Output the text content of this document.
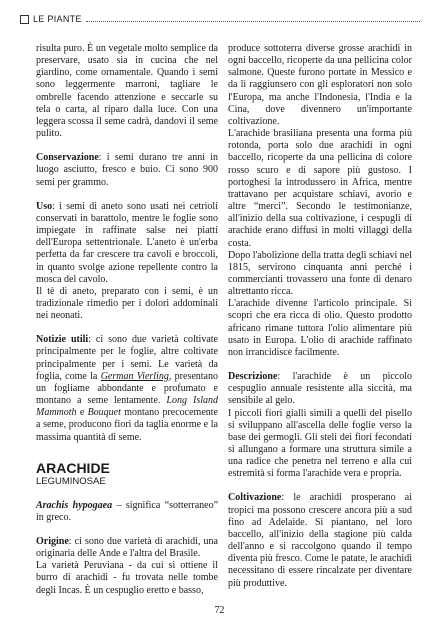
LE PIANTE

risulta puro. È un vegetale molto semplice da preservare, usato sia in cucina che nel giardino, come ornamentale. Quando i semi sono leggermente marroni, tagliare le ombrelle facendo attenzione e seccarle su tela o carta, al riparo dalla luce. Con una leggera scossa il seme cadrà, dandovi il seme pulito.

Conservazione: i semi durano tre anni in luogo asciutto, fresco e buio. Ci sono 900 semi per grammo.

Uso: i semi di aneto sono usati nei cetrioli conservati in barattolo, mentre le foglie sono impiegate in raffinate salse nei piatti dell'Europa settentrionale. L'aneto è un'erba perfetta da far crescere tra cavoli e broccoli, in quanto svolge azione repellente contro la mosca del cavolo.

Il tè di aneto, preparato con i semi, è un tradizionale rimedio per i dolori addominali nei neonati.

Notizie utili: ci sono due varietà coltivate principalmente per le foglie, altre coltivate principalmente per i semi. Le varietà da foglia, come la German Vierling, presentano un fogliame abbondante e profumato e montano a seme lentamente. Long Island Mammoth e Bouquet montano precocemente a seme, producono fiori da taglia enorme e la massima quantità di seme.

ARACHIDE
LEGUMINOSAE

Arachis hypogaea – significa “sotterraneo” in greco.

Origine: ci sono due varietà di arachidi, una originaria delle Ande e l'altra del Brasile.

La varietà Peruviana - da cui si ottiene il burro di arachidi - fu trovata nelle tombe degli Incas. È un cespuglio eretto e basso,

produce sottoterra diverse grosse arachidi in ogni baccello, ricoperte da una pellicina color salmone. Queste furono portate in Messico e da lì raggiunsero con gli esploratori non solo l'Europa, ma anche l'Indonesia, l'India e la Cina, dove divennero un'importante coltivazione.

L'arachide brasiliana presenta una forma più rotonda, porta solo due arachidi in ogni baccello, ricoperte da una pellicina di colore rosso scuro e di sapore più gustoso. I portoghesi la introdussero in Africa, mentre trattavano per acquistare schiavi, avorio e altre “merci”. Secondo le testimonianze, all'inizio della sua coltivazione, i cespugli di arachide erano diffusi in molti villaggi della costa.

Dopo l'abolizione della tratta degli schiavi nel 1815, servirono cinquanta anni perché i commercianti trovassero una fonte di denaro altrettanto ricca.

L'arachide divenne l'articolo principale. Si scoprì che era ricca di olio. Questo prodotto africano rimane tuttora l'olio alimentare più usato in Europa. L'olio di arachide raffinato non irrancidisce facilmente.

Descrizione: l'arachide è un piccolo cespuglio annuale resistente alla siccità, ma sensibile al gelo.

I piccoli fiori gialli simili a quelli del pisello si sviluppano all'ascella delle foglie verso la base dei germogli. Gli steli dei fiori fecondati si allungano a formare una struttura simile a una radice che penetra nel terreno e alla cui estremità si forma l'arachide vera e propria.

Coltivazione: le arachidi prosperano ai tropici ma possono crescere ancora più a sud fino ad Adelaide. Si piantano, nel loro baccello, all'inizio della stagione più calda dell'anno e si raccolgono quando il tempo diventa più fresco. Come le patate, le arachidi necessitano di essere rincalzate per diventare più produttive.

72
